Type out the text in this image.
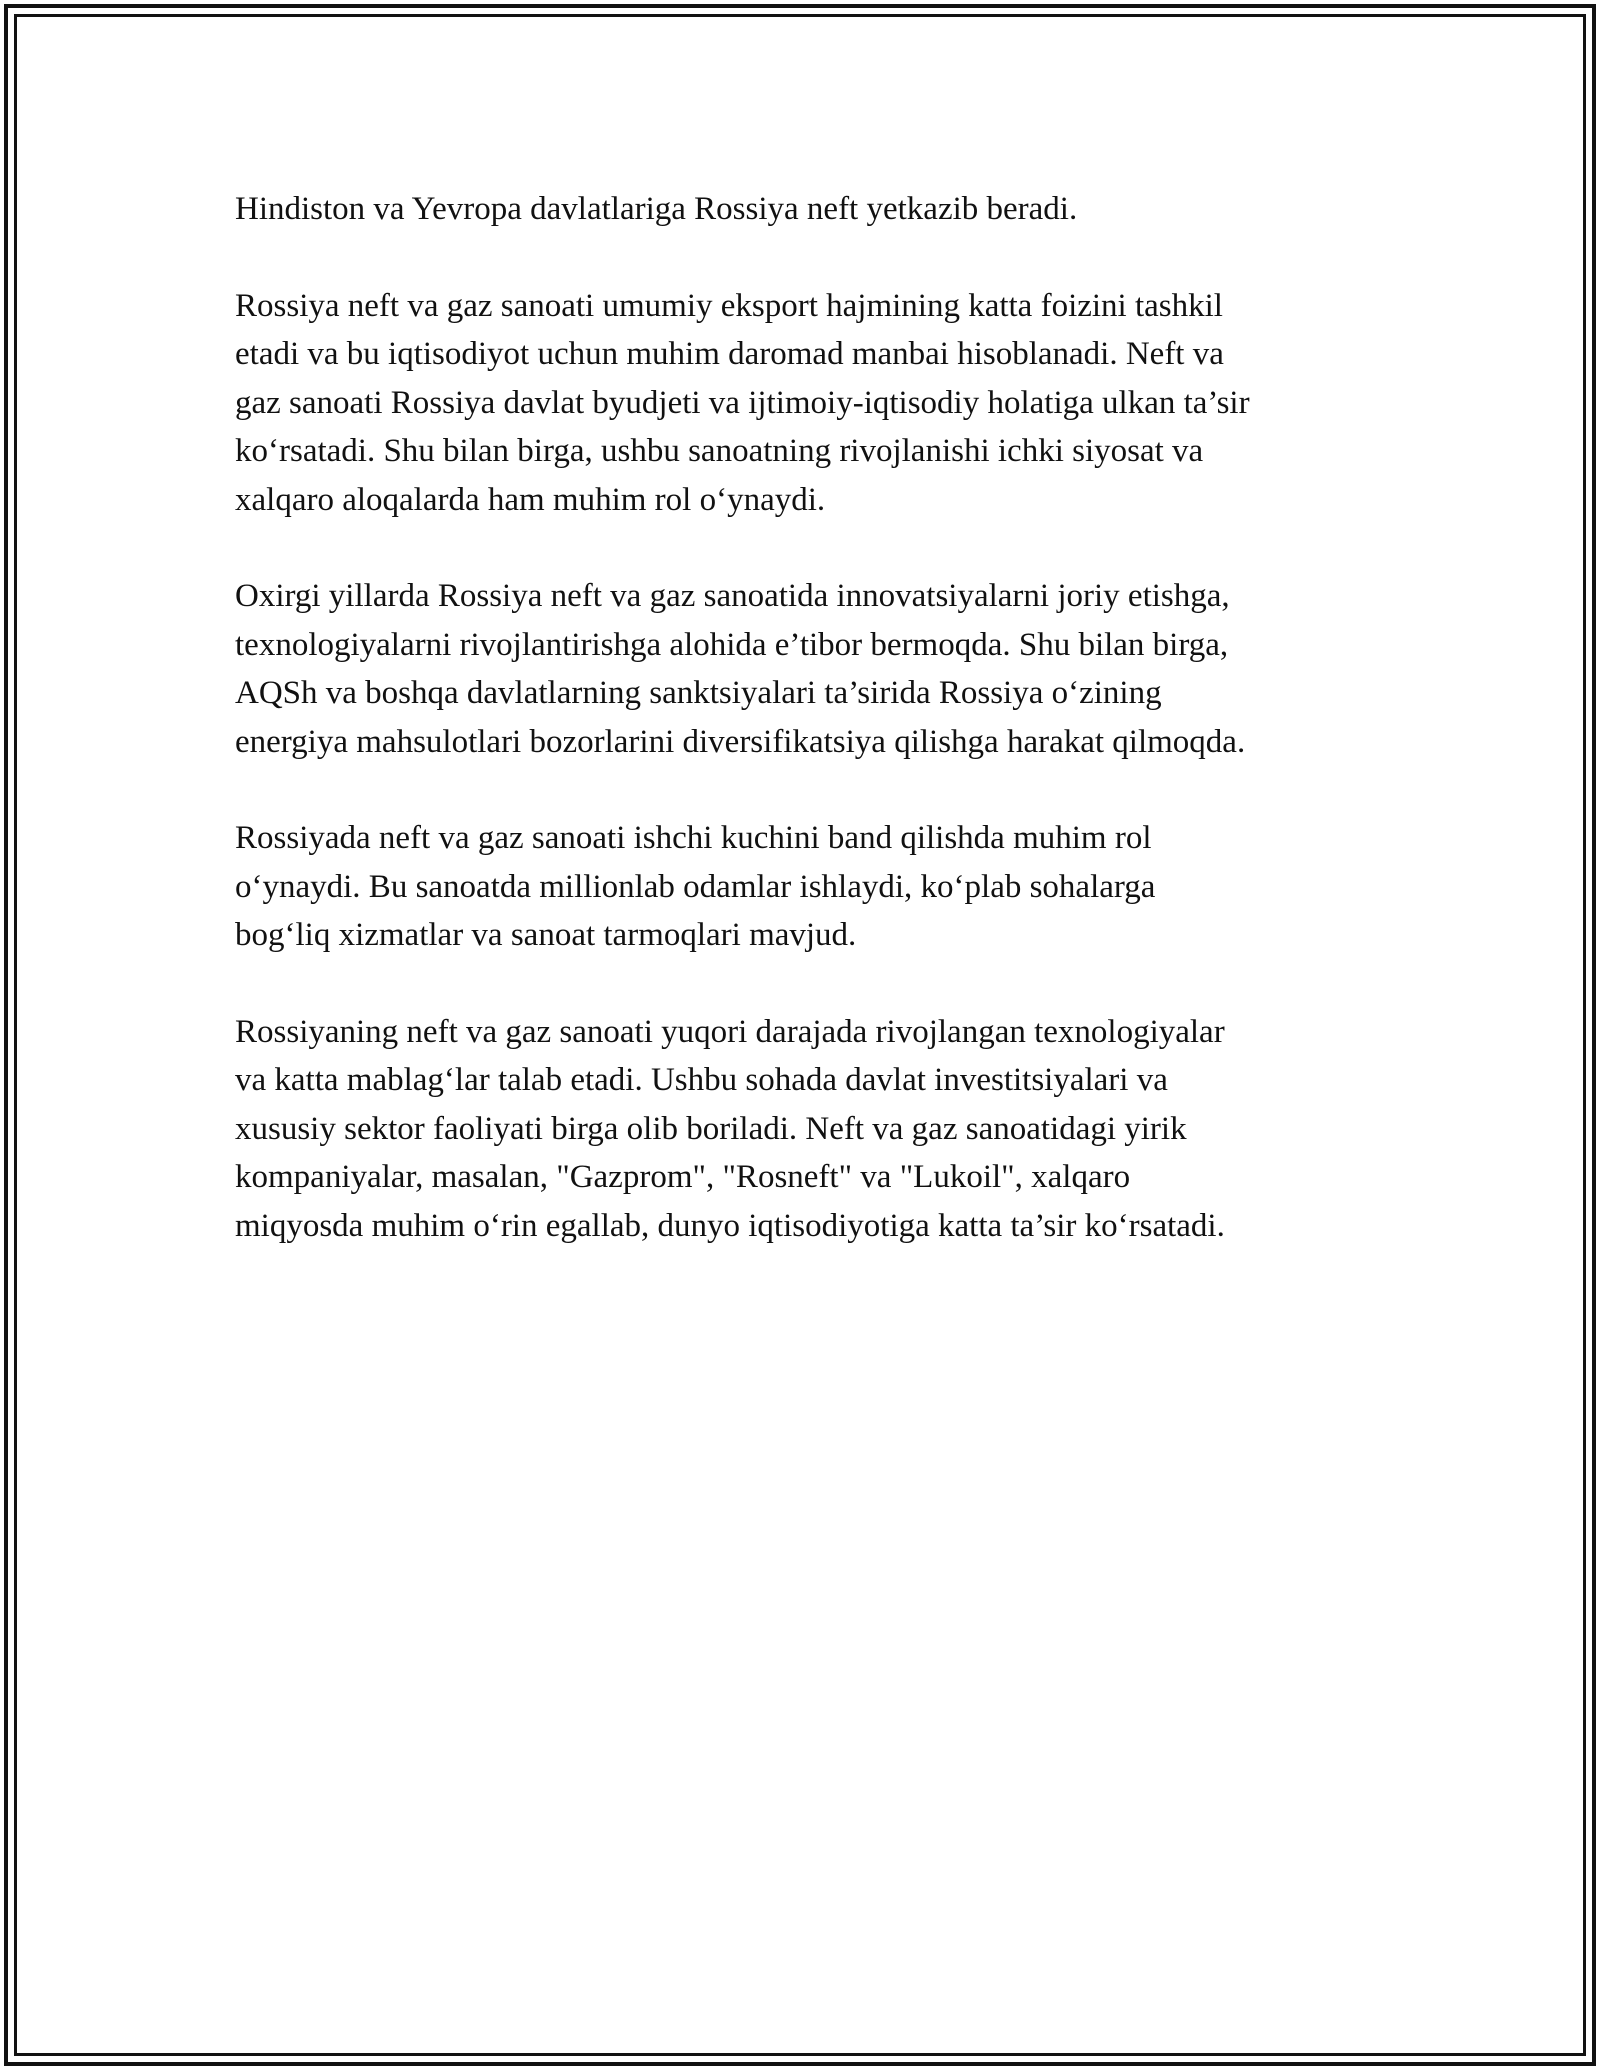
Hindiston va Yevropa davlatlariga Rossiya neft yetkazib beradi.

Rossiya neft va gaz sanoati umumiy eksport hajmining katta foizini tashkil
etadi va bu iqtisodiyot uchun muhim daromad manbai hisoblanadi. Neft va
gaz sanoati Rossiya davlat byudjeti va ijtimoiy-iqtisodiy holatiga ulkan ta’sir
ko‘rsatadi. Shu bilan birga, ushbu sanoatning rivojlanishi ichki siyosat va
xalqaro aloqalarda ham muhim rol o‘ynaydi.

Oxirgi yillarda Rossiya neft va gaz sanoatida innovatsiyalarni joriy etishga,
texnologiyalarni rivojlantirishga alohida e’tibor bermoqda. Shu bilan birga,
AQSh va boshqa davlatlarning sanktsiyalari ta’sirida Rossiya o‘zining
energiya mahsulotlari bozorlarini diversifikatsiya qilishga harakat qilmoqda.

Rossiyada neft va gaz sanoati ishchi kuchini band qilishda muhim rol
o‘ynaydi. Bu sanoatda millionlab odamlar ishlaydi, ko‘plab sohalarga
bog‘liq xizmatlar va sanoat tarmoqlari mavjud.

Rossiyaning neft va gaz sanoati yuqori darajada rivojlangan texnologiyalar
va katta mablag‘lar talab etadi. Ushbu sohada davlat investitsiyalari va
xususiy sektor faoliyati birga olib boriladi. Neft va gaz sanoatidagi yirik
kompaniyalar, masalan, "Gazprom", "Rosneft" va "Lukoil", xalqaro
miqyosda muhim o‘rin egallab, dunyo iqtisodiyotiga katta ta’sir ko‘rsatadi.
